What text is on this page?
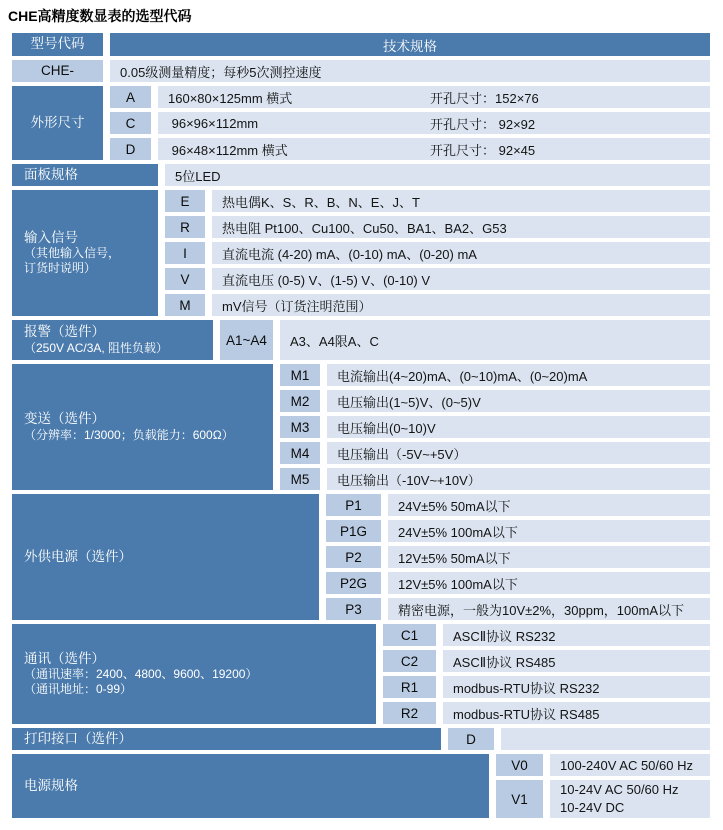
CHE高精度数显表的选型代码
型号代码	技术规格
CHE-	0.05级测量精度；每秒5次测控速度
外形尺寸
A	160×80×125mm 横式	开孔尺寸：152×76
C	96×96×112mm	开孔尺寸： 92×92
D	96×48×112mm 横式	开孔尺寸： 92×45
面板规格	5位LED
输入信号
（其他输入信号，
订货时说明）
E	热电偶K、S、R、B、N、E、J、T
R 热电阻 Pt100、Cu100、Cu50、BA1、BA2、G53
I	直流电流 (4-20) mA、(0-10) mA、(0-20) mA
V	直流电压 (0-5) V、(1-5) V、(0-10) V
M mV信号（订货注明范围）
报警（选件）
（250V AC/3A, 阻性负载）
A1~A4 A3、A4限A、C
变送（选件）
（分辨率：1/3000；负载能力：600Ω）
M1 电流输出(4~20)mA、(0~10)mA、(0~20)mA
M2 电压输出(1~5)V、(0~5)V
M3 电压输出(0~10)V
M4 电压输出（-5V~+5V）
M5 电压输出（-10V~+10V）
外供电源（选件）
P1	24V±5% 50mA以下
P1G 24V±5% 100mA以下
P2	12V±5% 50mA以下
P2G 12V±5% 100mA以下
P3	精密电源，一般为10V±2%，30ppm，100mA以下
通讯（选件）
（通讯速率：2400、4800、9600、19200）
（通讯地址：0-99）
C1	ASCⅡ协议 RS232
C2	ASCⅡ协议 RS485
R1	modbus-RTU协议 RS232
R2	modbus-RTU协议 RS485
打印接口（选件）	D
电源规格
V0 100-240V AC 50/60 Hz
V1
10-24V AC 50/60 Hz
10-24V DC
